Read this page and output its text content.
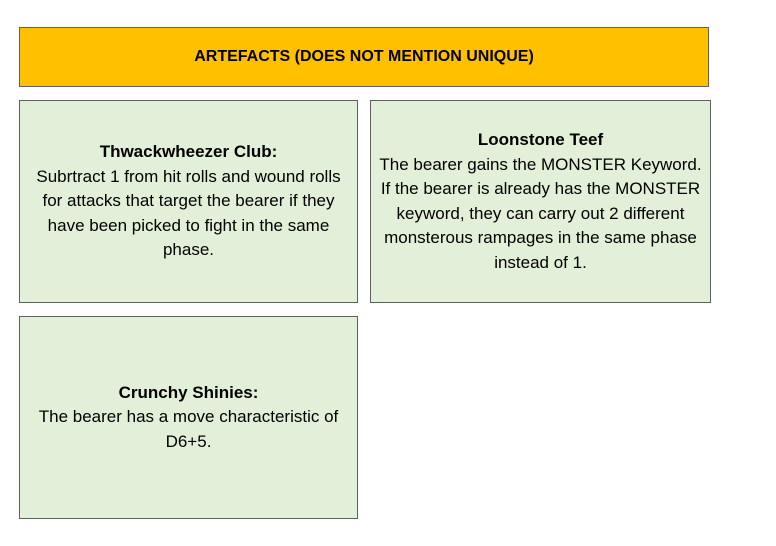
ARTEFACTS (DOES NOT MENTION UNIQUE)
Thwackwheezer Club:
Subrtract 1 from hit rolls and wound rolls for attacks that target the bearer if they have been picked to fight in the same phase.
Loonstone Teef
The bearer gains the MONSTER Keyword. If the bearer is already has the MONSTER keyword, they can carry out 2 different monsterous rampages in the same phase instead of 1.
Crunchy Shinies:
The bearer has a move characteristic of D6+5.
